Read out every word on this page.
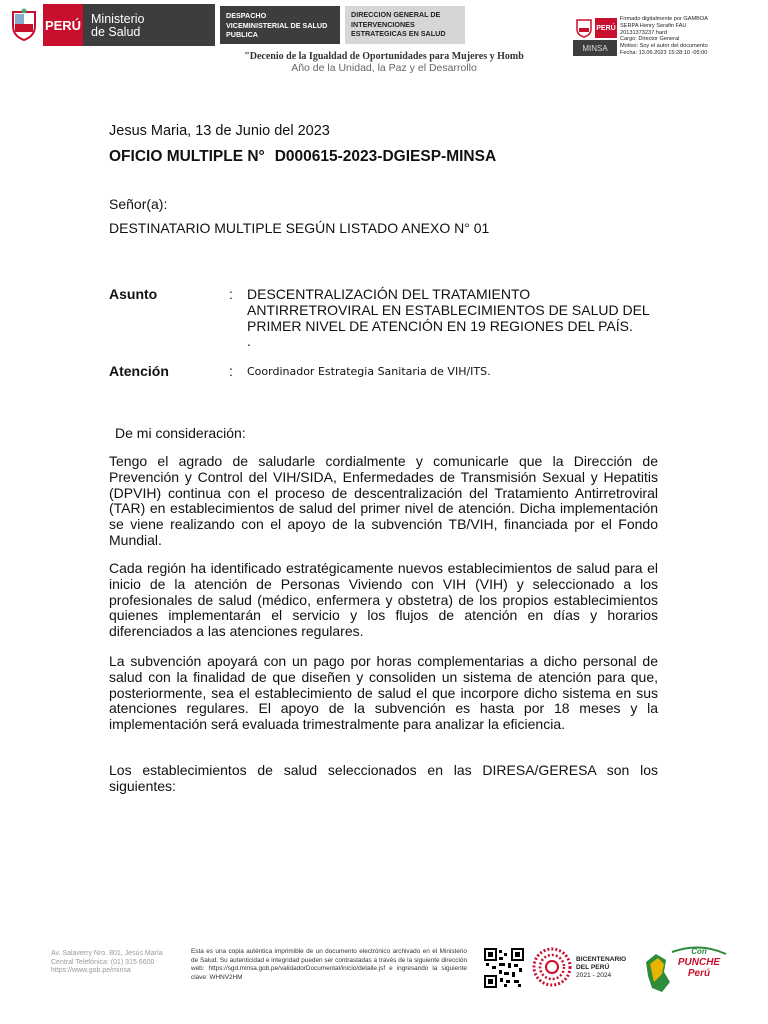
PERÚ Ministerio
de Salud
DESPACHO
VICEMINISTERIAL DE SALUD
PUBLICA
DIRECCION GENERAL DE
INTERVENCIONES
ESTRATEGICAS EN SALUD
PERÚ
MINSA
Firmado digitalmente por GAMBOA
SERPA Henry Serafin FAU
20131373237 hard
Cargo: Director General
Motivo: Soy el autor del documento
Fecha: 13.06.2023 15:28:10 -05:00
"Decenio de la Igualdad de Oportunidades para Mujeres y Homb
Año de la Unidad, la Paz y el Desarrollo
Jesus Maria, 13 de Junio del 2023
OFICIO MULTIPLE N° D000615-2023-DGIESP-MINSA
Señor(a):
DESTINATARIO MULTIPLE SEGÚN LISTADO ANEXO N° 01
Asunto	: DESCENTRALIZACIÓN DEL TRATAMIENTO
ANTIRRETROVIRAL EN ESTABLECIMIENTOS DE SALUD DEL
PRIMER NIVEL DE ATENCIÓN EN 19 REGIONES DEL PAÍS.
.
Atención	: Coordinador Estrategia Sanitaria de VIH/ITS.
De mi consideración:
Tengo el agrado de saludarle cordialmente y comunicarle que la Dirección de Prevención y Control del VIH/SIDA, Enfermedades de Transmisión Sexual y Hepatitis (DPVIH) continua con el proceso de descentralización del Tratamiento Antirretroviral (TAR) en establecimientos de salud del primer nivel de atención. Dicha implementación se viene realizando con el apoyo de la subvención TB/VIH, financiada por el Fondo Mundial.
Cada región ha identificado estratégicamente nuevos establecimientos de salud para el inicio de la atención de Personas Viviendo con VIH (VIH) y seleccionado a los profesionales de salud (médico, enfermera y obstetra) de los propios establecimientos quienes implementarán el servicio y los flujos de atención en días y horarios diferenciados a las atenciones regulares.
La subvención apoyará con un pago por horas complementarias a dicho personal de salud con la finalidad de que diseñen y consoliden un sistema de atención para que, posteriormente, sea el establecimiento de salud el que incorpore dicho sistema en sus atenciones regulares. El apoyo de la subvención es hasta por 18 meses y la implementación será evaluada trimestralmente para analizar la eficiencia.
Los establecimientos de salud seleccionados en las DIRESA/GERESA son los siguientes:
Av. Salaverry Nro. 801, Jesús María
Central Telefónica: (01) 315 6600
https://www.gob.pe/minsa
Esta es una copia auténtica imprimible de un documento electrónico archivado en el Ministerio de Salud. Su autenticidad e integridad pueden ser contrastadas a través de la siguiente dirección web: https://sgd.minsa.gob.pe/validadorDocumental/inicio/detalle.jsf e ingresando la siguiente clave: WHNV2HM
BICENTENARIO
DEL PERÚ
2021 - 2024
Con
PUNCHE
Perú
